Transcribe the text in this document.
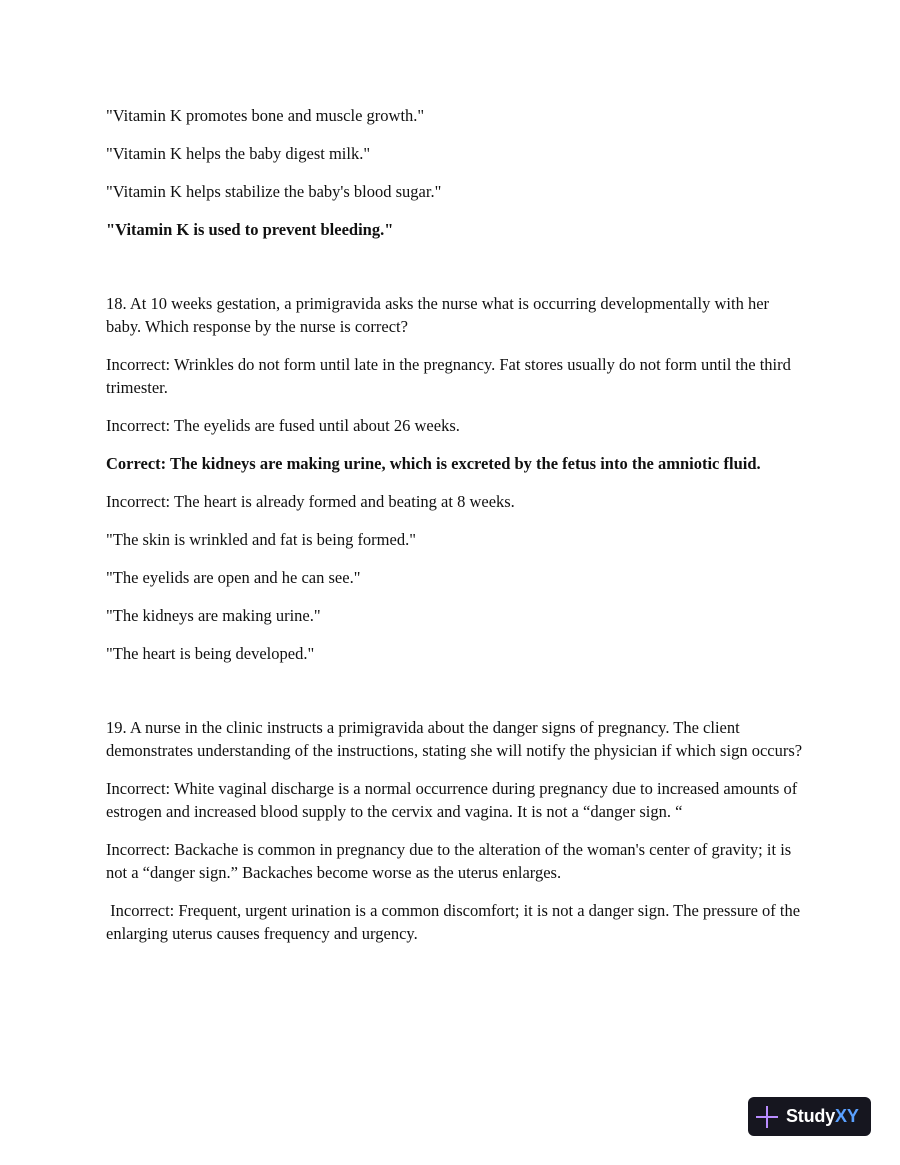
"Vitamin K promotes bone and muscle growth."

"Vitamin K helps the baby digest milk."

"Vitamin K helps stabilize the baby's blood sugar."

"Vitamin K is used to prevent bleeding."

18. At 10 weeks gestation, a primigravida asks the nurse what is occurring developmentally with her baby. Which response by the nurse is correct?

Incorrect: Wrinkles do not form until late in the pregnancy. Fat stores usually do not form until the third trimester.

Incorrect: The eyelids are fused until about 26 weeks.

Correct: The kidneys are making urine, which is excreted by the fetus into the amniotic fluid.

Incorrect: The heart is already formed and beating at 8 weeks.

"The skin is wrinkled and fat is being formed."

"The eyelids are open and he can see."

"The kidneys are making urine."

"The heart is being developed."

19. A nurse in the clinic instructs a primigravida about the danger signs of pregnancy. The client demonstrates understanding of the instructions, stating she will notify the physician if which sign occurs?

Incorrect: White vaginal discharge is a normal occurrence during pregnancy due to increased amounts of estrogen and increased blood supply to the cervix and vagina. It is not a “danger sign. “

Incorrect: Backache is common in pregnancy due to the alteration of the woman's center of gravity; it is not a “danger sign.” Backaches become worse as the uterus enlarges.

Incorrect: Frequent, urgent urination is a common discomfort; it is not a danger sign. The pressure of the enlarging uterus causes frequency and urgency.

StudyXY
